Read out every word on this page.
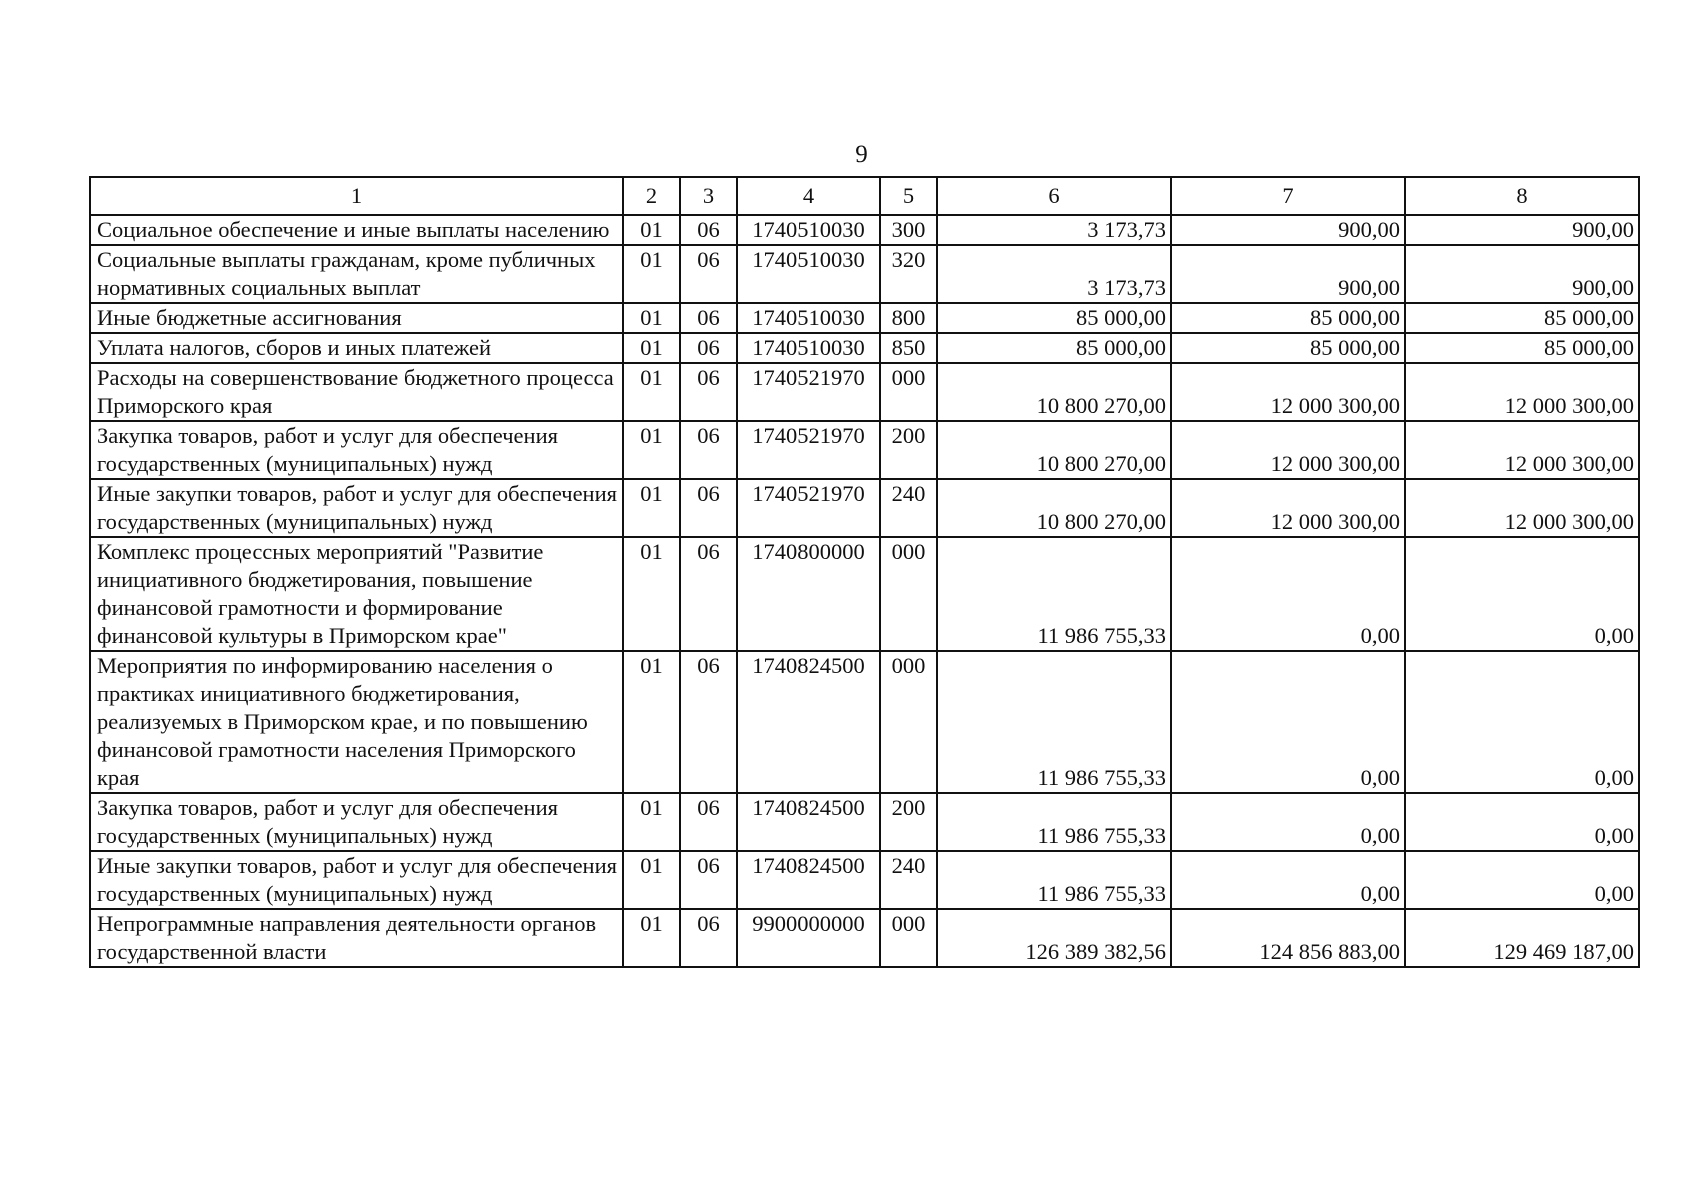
9
1	2	3	4	5	6	7	8
Социальное обеспечение и иные выплаты населению	01	06	1740510030	300	3 173,73	900,00	900,00
Социальные выплаты гражданам, кроме публичных нормативных социальных выплат	01	06	1740510030	320	3 173,73	900,00	900,00
Иные бюджетные ассигнования	01	06	1740510030	800	85 000,00	85 000,00	85 000,00
Уплата налогов, сборов и иных платежей	01	06	1740510030	850	85 000,00	85 000,00	85 000,00
Расходы на совершенствование бюджетного процесса Приморского края	01	06	1740521970	000	10 800 270,00	12 000 300,00	12 000 300,00
Закупка товаров, работ и услуг для обеспечения государственных (муниципальных) нужд	01	06	1740521970	200	10 800 270,00	12 000 300,00	12 000 300,00
Иные закупки товаров, работ и услуг для обеспечения государственных (муниципальных) нужд	01	06	1740521970	240	10 800 270,00	12 000 300,00	12 000 300,00
Комплекс процессных мероприятий "Развитие инициативного бюджетирования, повышение финансовой грамотности и формирование финансовой культуры в Приморском крае"	01	06	1740800000	000	11 986 755,33	0,00	0,00
Мероприятия по информированию населения о практиках инициативного бюджетирования, реализуемых в Приморском крае, и по повышению финансовой грамотности населения Приморского края	01	06	1740824500	000	11 986 755,33	0,00	0,00
Закупка товаров, работ и услуг для обеспечения государственных (муниципальных) нужд	01	06	1740824500	200	11 986 755,33	0,00	0,00
Иные закупки товаров, работ и услуг для обеспечения государственных (муниципальных) нужд	01	06	1740824500	240	11 986 755,33	0,00	0,00
Непрограммные направления деятельности органов государственной власти	01	06	9900000000	000	126 389 382,56	124 856 883,00	129 469 187,00
